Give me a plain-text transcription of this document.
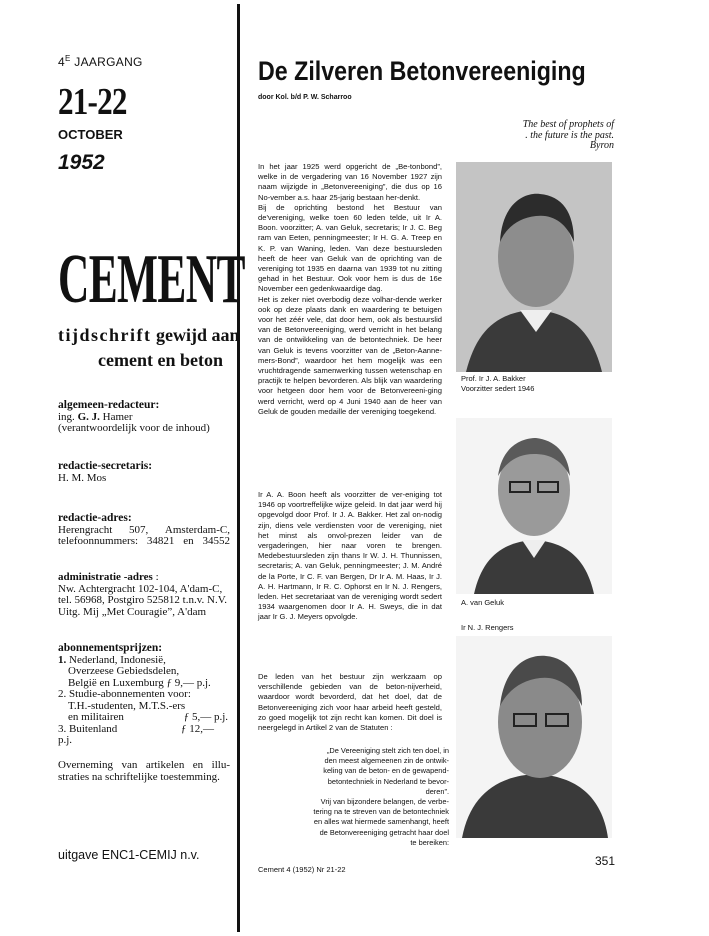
$4^E$ JAARGANG
21-22
OCTOBER
1952
CEMENT
tijdschrift gewijd aan
cement en beton
algemeen-redacteur:
ing. G. J. Hamer
(verantwoordelijk voor de inhoud)
redactie-secretaris:
H. M. Mos
redactie-adres:
Herengracht 507, Amsterdam-C,
telefoonnummers: 34821 en 34552
administratie -adres :
Nw. Achtergracht 102-104, A'dam-C,
tel. 56968, Postgiro 525812 t.n.v. N.V.
Uitg. Mij „Met Couragie”, A'dam
abonnementsprijzen:
1. Nederland, Indonesië,
Overzeese Gebiedsdelen,
België en Luxemburg ƒ 9,— p.j.
2. Studie-abonnementen voor:
T.H.-studenten, M.T.S.-ers
en militairen	ƒ 5,— p.j.
3. Buitenland	ƒ 12,—
p.j.
Overneming van artikelen en illu-
straties na schriftelijke toestemming.
uitgave ENC1-CEMIJ n.v.
De Zilveren Betonvereeniging
door Kol. b/d P. W. Scharroo
The best of prophets of
. the future is the past.
Byron

In het jaar 1925 werd opgericht de „Be-tonbond”, welke in de vergadering van 16 November 1927 zijn naam wijzigde in „Betonvereeniging”, die dus op 16 No-vember a.s. haar 25-jarig bestaan her-denkt.

Bij de oprichting bestond het Bestuur van de'vereniging, welke toen 60 leden telde, uit Ir A. Boon. voorzitter; A. van Geluk, secretaris; Ir J. C. Beg ram van Eeten, penningmeester; Ir H. G. A. Treep en K. P. van Waning, leden. Van deze bestuursleden heeft de heer van Geluk van de oprichting van de vereniging tot 1935 en daarna van 1939 tot nu zitting gehad in het Bestuur. Ook voor hem is dus de 16e November een gedenkwaardige dag.

Het is zeker niet overbodig deze volhar-dende werker ook op deze plaats dank en waardering te betuigen voor het zéér vele, dat door hem, ook als bestuurslid van de Betonvereeniging, werd verricht in het belang van de ontwikkeling van de betontechniek. De heer van Geluk is tevens voorzitter van de „Beton-Aanne-mers-Bond”, waardoor het hem mogelijk was een vruchtdragende samenwerking tussen wetenschap en practijk te helpen bevorderen. Als blijk van waardering voor hetgeen door hem voor de Betonvereeni-ging werd verricht, werd op 4 Juni 1940 aan de heer van Geluk de gouden medaille der vereniging toegekend.

Ir A. A. Boon heeft als voorzitter de ver-eniging tot 1946 op voortreffelijke wijze geleid. In dat jaar werd hij opgevolgd door Prof. Ir J. A. Bakker. Het zal on-nodig zijn, diens vele verdiensten voor de vereniging, niet het minst als onvol-prezen leider van de vergaderingen, hier naar voren te brengen. Medebestuursleden zijn thans Ir W. J. H. Thunnissen, secretaris; A. van Geluk, penningmeester; J. M. André de la Porte, Ir C. F. van Bergen, Dr Ir A. M. Haas, Ir J. A. H. Hartmann, Ir R. C. Ophorst en Ir N. J. Rengers, leden. Het secretariaat van de vereniging wordt sedert 1934 waargenomen door Ir A. H. Sweys, die in dat jaar Ir G. J. Meyers opvolgde.

De leden van het bestuur zijn werkzaam op verschillende gebieden van de beton-nijverheid, waardoor wordt bevorderd, dat het doel, dat de Betonvereeniging zich voor haar arbeid heeft gesteld, zo goed mogelijk tot zijn recht kan komen. Dit doel is neergelegd in Artikel 2 van de Statuten :

„De Vereeniging stelt zich ten doel, in
den meest algemeenen zin de ontwik-
keling van de beton- en de gewapend-
betontechniek in Nederland te bevor-
deren”.
Vrij van bijzondere belangen, de verbe-
tering na te streven van de betontechniek
en alles wat hiermede samenhangt, heeft
de Betonvereeniging getracht haar doel
te bereiken:
Prof. Ir J. A. Bakker
Voorzitter sedert 1946
A. van Geluk
Ir N. J. Rengers
Cement 4 (1952) Nr 21-22
351
